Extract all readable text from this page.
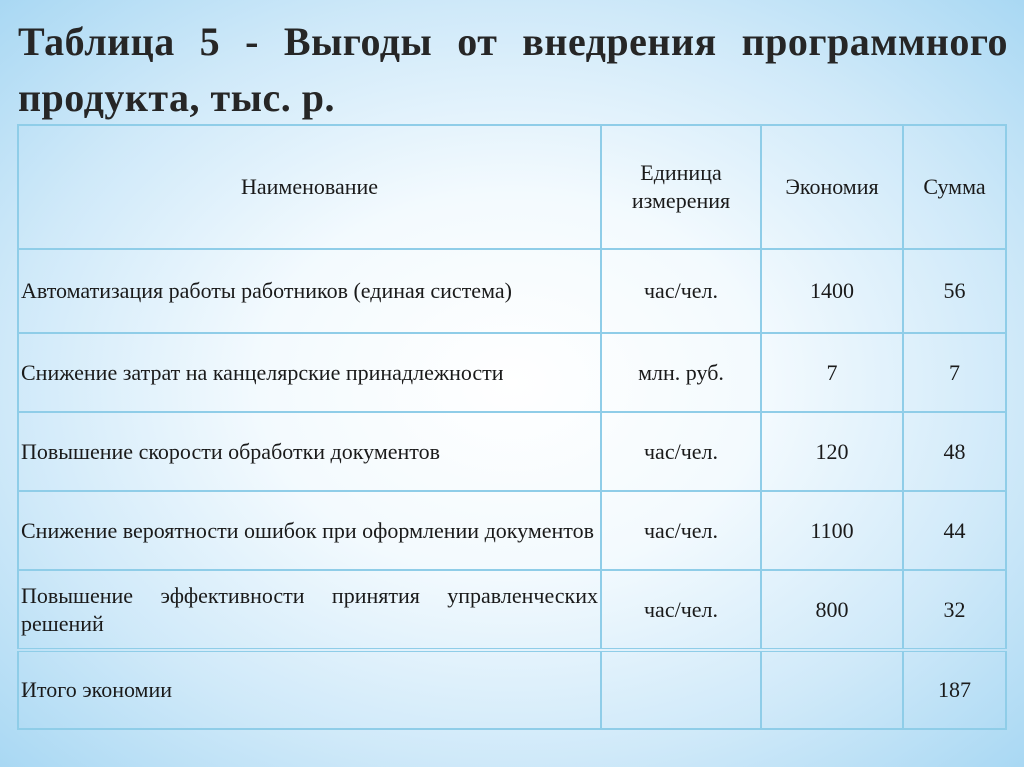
Таблица 5 - Выгоды от внедрения программного продукта, тыс. р.
Наименование	Единица измерения	Экономия	Сумма
Автоматизация работы работников (единая система)	час/чел.	1400	56
Снижение затрат на канцелярские принадлежности	млн. руб.	7	7
Повышение скорости обработки документов	час/чел.	120	48
Снижение вероятности ошибок при оформлении документов	час/чел.	1100	44
Повышение эффективности принятия управленческих решений	час/чел.	800	32
Итого экономии			187
